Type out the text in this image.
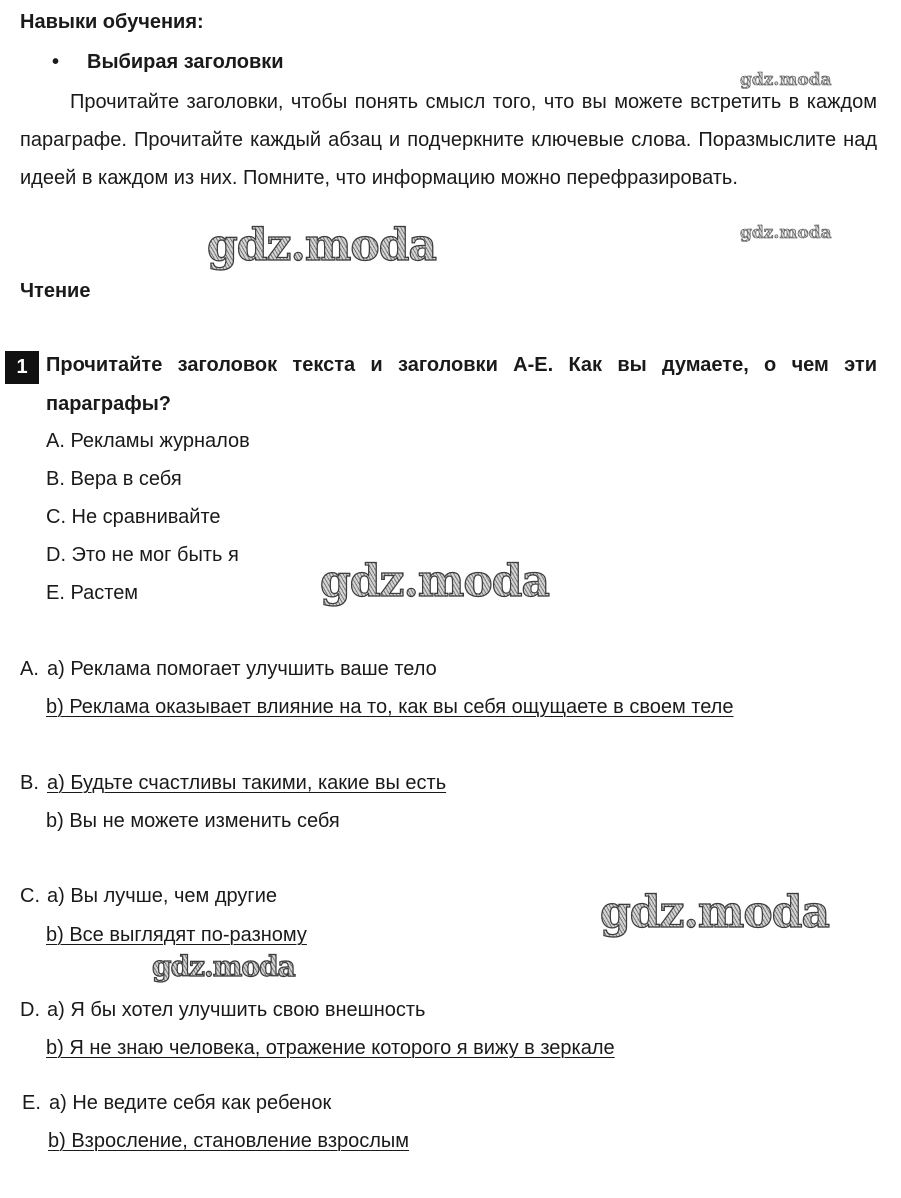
Навыки обучения:
• Выбирая заголовки
Прочитайте заголовки, чтобы понять смысл того, что вы можете встретить в каждом параграфе. Прочитайте каждый абзац и подчеркните ключевые слова. Поразмыслите над идеей в каждом из них. Помните, что информацию можно перефразировать.
Чтение
1 Прочитайте заголовок текста и заголовки A-E. Как вы думаете, о чем эти
параграфы?
A. Рекламы журналов
B. Вера в себя
C. Не сравнивайте
D. Это не мог быть я
E. Растем
A. a) Реклама помогает улучшить ваше тело
b) Реклама оказывает влияние на то, как вы себя ощущаете в своем теле
B. a) Будьте счастливы такими, какие вы есть
b) Вы не можете изменить себя
C. a) Вы лучше, чем другие
b) Все выглядят по-разному
D. a) Я бы хотел улучшить свою внешность
b) Я не знаю человека, отражение которого я вижу в зеркале
E. a) Не ведите себя как ребенок
b) Взросление, становление взрослым
gdz.moda
gdz.moda	gdz.moda
gdz.moda
gdz.moda
gdz.moda
